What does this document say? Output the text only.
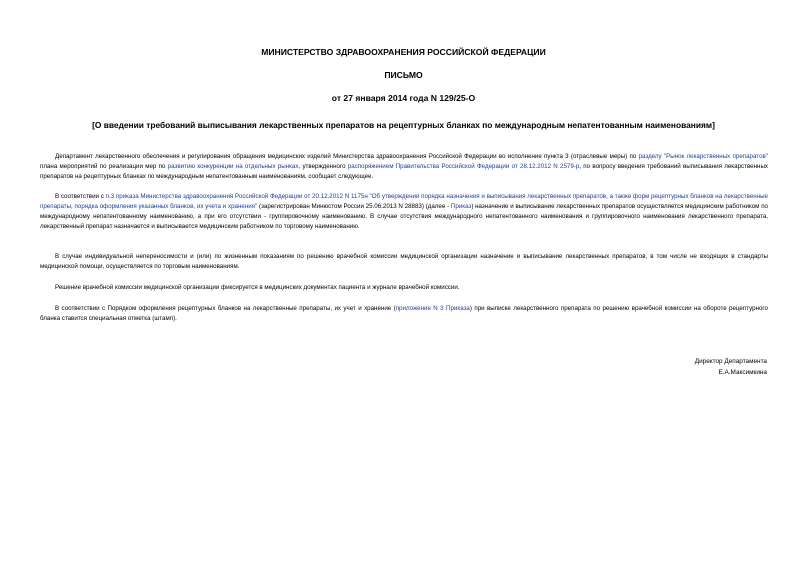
МИНИСТЕРСТВО ЗДРАВООХРАНЕНИЯ РОССИЙСКОЙ ФЕДЕРАЦИИ
ПИСЬМО
от 27 января 2014 года N 129/25-О
[О введении требований выписывания лекарственных препаратов на рецептурных бланках по международным непатентованным наименованиям]
Департамент лекарственного обеспечения и регулирования обращения медицинских изделий Министерства здравоохранения Российской Федерации во исполнение пункта 3 (отраслевые меры) по разделу "Рынок лекарственных препаратов" плана мероприятий по реализации мер по развитию конкуренции на отдельных рынках, утвержденного распоряжением Правительства Российской Федерации от 28.12.2012 N 2579-р, по вопросу введения требований выписывания лекарственных препаратов на рецептурных бланках по международным непатентованным наименованиям, сообщает следующее.
В соответствии с п.3 приказа Министерства здравоохранения Российской Федерации от 20.12.2012 N 1175н "Об утверждении порядка назначения и выписывания лекарственных препаратов, а также форм рецептурных бланков на лекарственные препараты, порядка оформления указанных бланков, их учета и хранения" (зарегистрирован Минюстом России 25.06.2013 N 28883) (далее - Приказ) назначение и выписывание лекарственных препаратов осуществляется медицинским работником по международному непатентованному наименованию, а при его отсутствии - группировочному наименованию. В случае отсутствия международного непатентованного наименования и группировочного наименования лекарственного препарата, лекарственный препарат назначается и выписывается медицинским работником по торговому наименованию.
В случае индивидуальной непереносимости и (или) по жизненным показаниям по решению врачебной комиссии медицинской организации назначение и выписывание лекарственных препаратов, в том числе не входящих в стандарты медицинской помощи, осуществляется по торговым наименованиям.
Решение врачебной комиссии медицинской организации фиксируется в медицинских документах пациента и журнале врачебной комиссии.
В соответствии с Порядком оформления рецептурных бланков на лекарственные препараты, их учет и хранение (приложение N 3 Приказа) при выписке лекарственного препарата по решению врачебной комиссии на обороте рецептурного бланка ставится специальная отметка (штамп).
Директор Департамента
Е.А.Максимкина
